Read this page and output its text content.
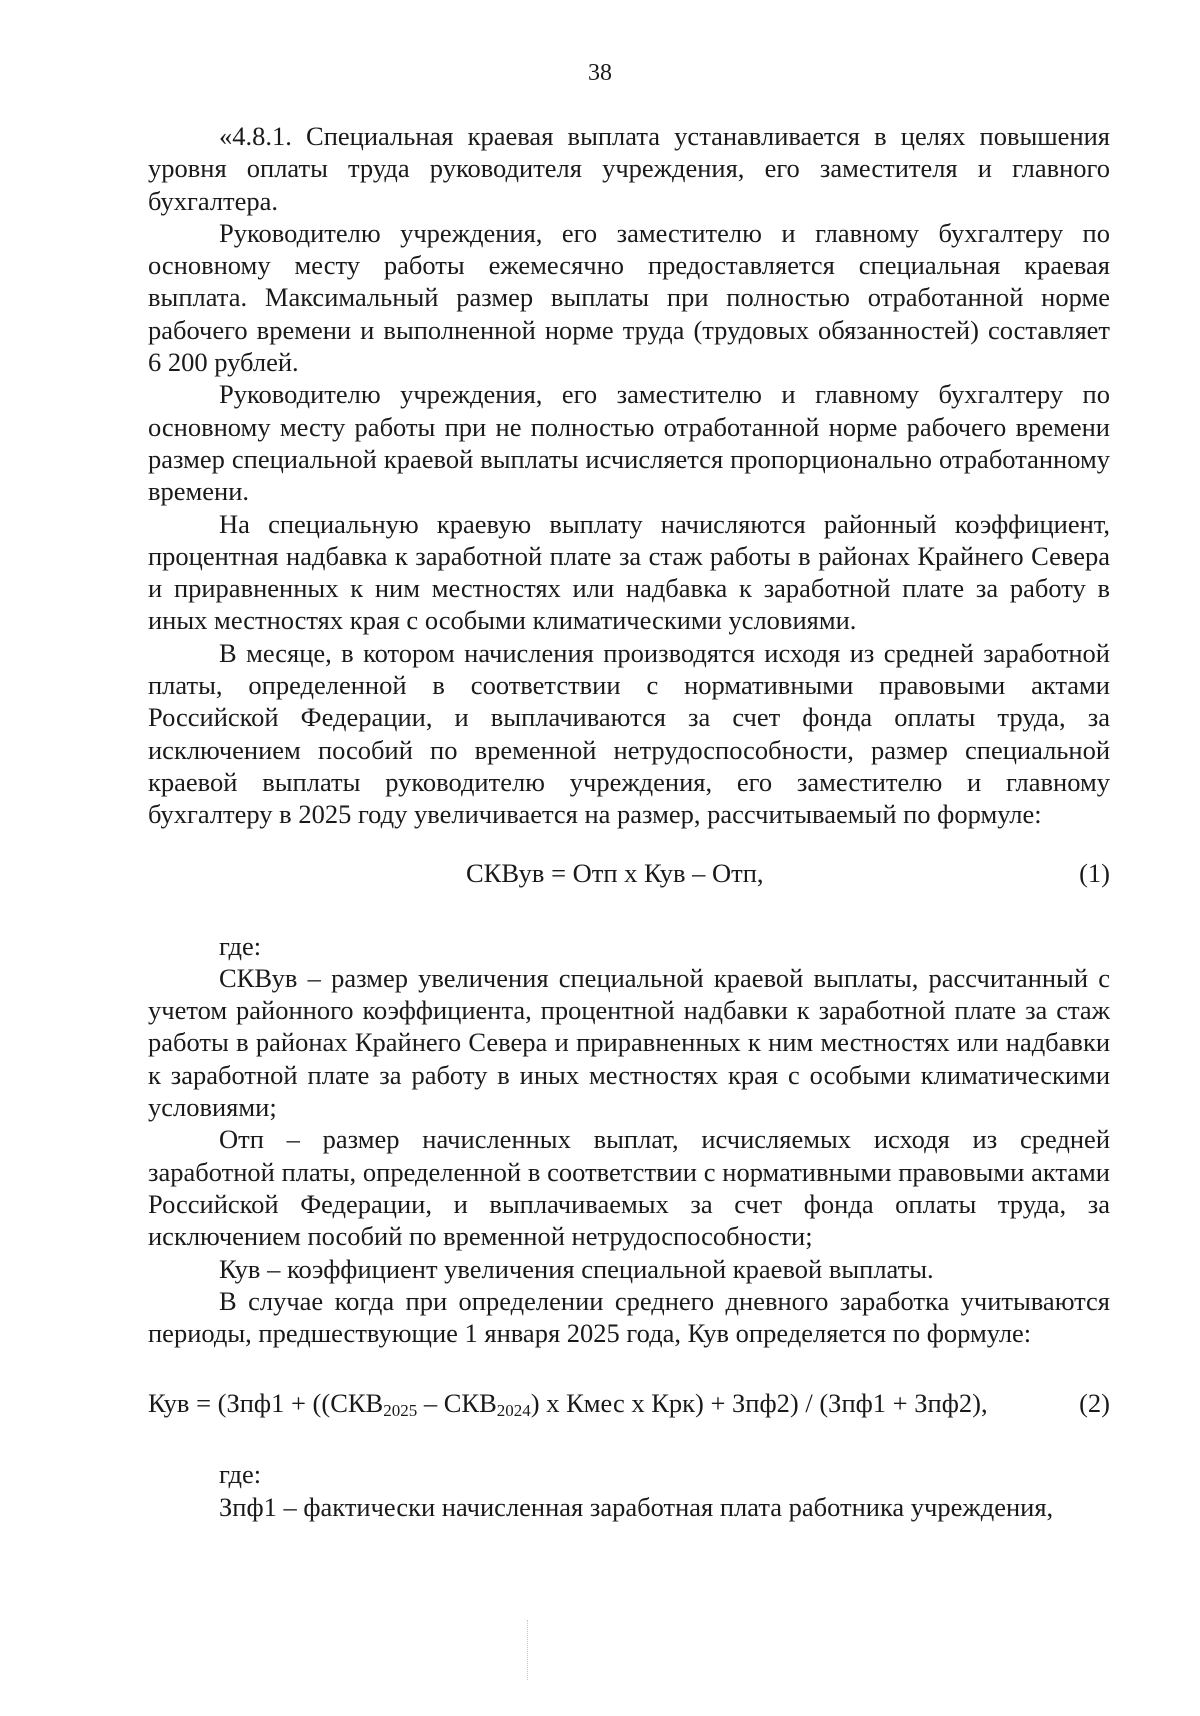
38

«4.8.1. Специальная краевая выплата устанавливается в целях повышения уровня оплаты труда руководителя учреждения, его заместителя и главного бухгалтера.

Руководителю учреждения, его заместителю и главному бухгалтеру по основному месту работы ежемесячно предоставляется специальная краевая выплата. Максимальный размер выплаты при полностью отработанной норме рабочего времени и выполненной норме труда (трудовых обязанностей) составляет 6 200 рублей.

Руководителю учреждения, его заместителю и главному бухгалтеру по основному месту работы при не полностью отработанной норме рабочего времени размер специальной краевой выплаты исчисляется пропорционально отработанному времени.

На специальную краевую выплату начисляются районный коэффициент, процентная надбавка к заработной плате за стаж работы в районах Крайнего Севера и приравненных к ним местностях или надбавка к заработной плате за работу в иных местностях края с особыми климатическими условиями.

В месяце, в котором начисления производятся исходя из средней заработной платы, определенной в соответствии с нормативными правовыми актами Российской Федерации, и выплачиваются за счет фонда оплаты труда, за исключением пособий по временной нетрудоспособности, размер специальной краевой выплаты руководителю учреждения, его заместителю и главному бухгалтеру в 2025 году увеличивается на размер, рассчитываемый по формуле:

СКВув = Отп х Кув – Отп,	(1)

где:

СКВув – размер увеличения специальной краевой выплаты, рассчитанный с учетом районного коэффициента, процентной надбавки к заработной плате за стаж работы в районах Крайнего Севера и приравненных к ним местностях или надбавки к заработной плате за работу в иных местностях края с особыми климатическими условиями;

Отп – размер начисленных выплат, исчисляемых исходя из средней заработной платы, определенной в соответствии с нормативными правовыми актами Российской Федерации, и выплачиваемых за счет фонда оплаты труда, за исключением пособий по временной нетрудоспособности;

Кув – коэффициент увеличения специальной краевой выплаты.

В случае когда при определении среднего дневного заработка учитываются периоды, предшествующие 1 января 2025 года, Кув определяется по формуле:

Кув = ($Зпф1 + ((СКВ_{2025} - СКВ_{2024})$ х Кмес х Крк) + Зпф2) / (Зпф1 + Зпф2),	(2)

где:

Зпф1 – фактически начисленная заработная плата работника учреждения,
